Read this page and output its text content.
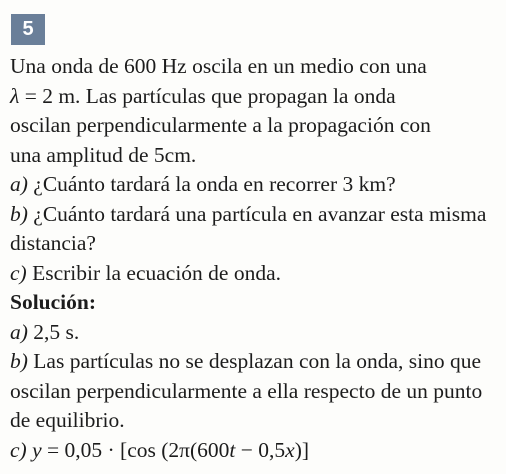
5

Una onda de 600 Hz oscila en un medio con una

λ = 2 m. Las partículas que propagan la onda

oscilan perpendicularmente a la propagación con

una amplitud de 5cm.

a) ¿Cuánto tardará la onda en recorrer 3 km?

b) ¿Cuánto tardará una partícula en avanzar esta misma distancia?

c) Escribir la ecuación de onda.

Solución:

a) 2,5 s.

b) Las partículas no se desplazan con la onda, sino que oscilan perpendicularmente a ella respecto de un punto de equilibrio.

c) y = 0,05 · [cos (2π(600t − 0,5x)]
